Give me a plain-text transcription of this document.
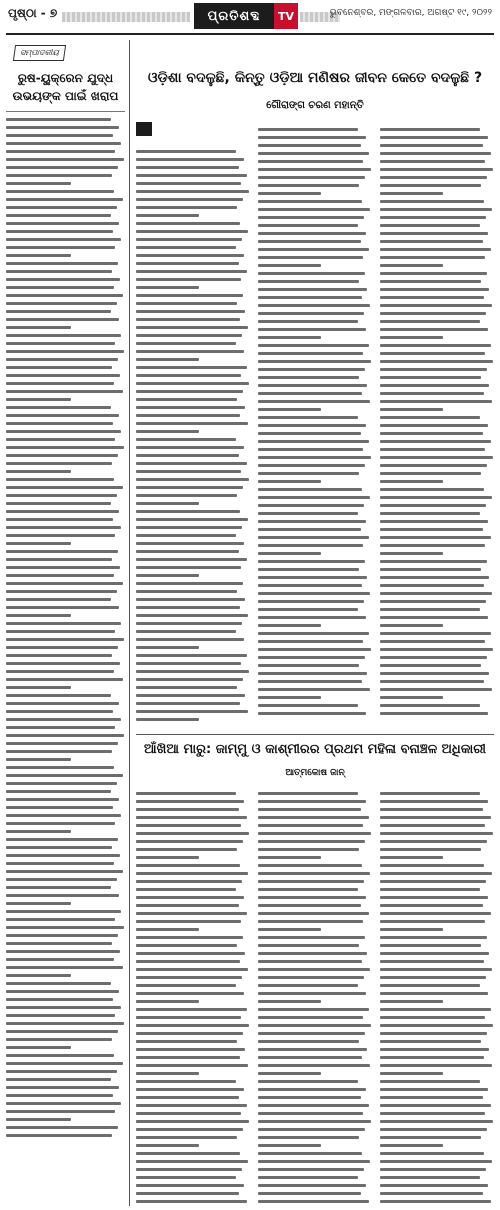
ପୃଷ୍ଠା - ୭	ପ୍ରତିଶବ୍ଦ	TV	ଭୁବନେଶ୍ବର, ମଙ୍ଗଳବାର, ଅଗଷ୍ଟ ୧୯, ୨୦୨୨
ସମ୍ପାଦକୀୟ
ରୁଷ-ୟୁକ୍ରେନ ଯୁଦ୍ଧ
ଉଭୟଙ୍କ ପାଇଁ ଖରାପ
ଓଡ଼ିଶା ବଦଳୁଛି, କିନ୍ତୁ ଓଡ଼ିଆ ମଣିଷର ଜୀବନ କେତେ ବଦଳୁଛି ?
ଗୌରାଙ୍ଗ ଚରଣ ମହାନ୍ତି
ଆଁଖିଆ ମାରୁ: ଜାମ୍ମୁ ଓ କାଶ୍ମୀରର ପ୍ରଥମ ମହିଳା ବନାଞ୍ଚଳ ଅଧିକାରୀ
ଆତ୍ମକୋଷ ଜାନ୍
